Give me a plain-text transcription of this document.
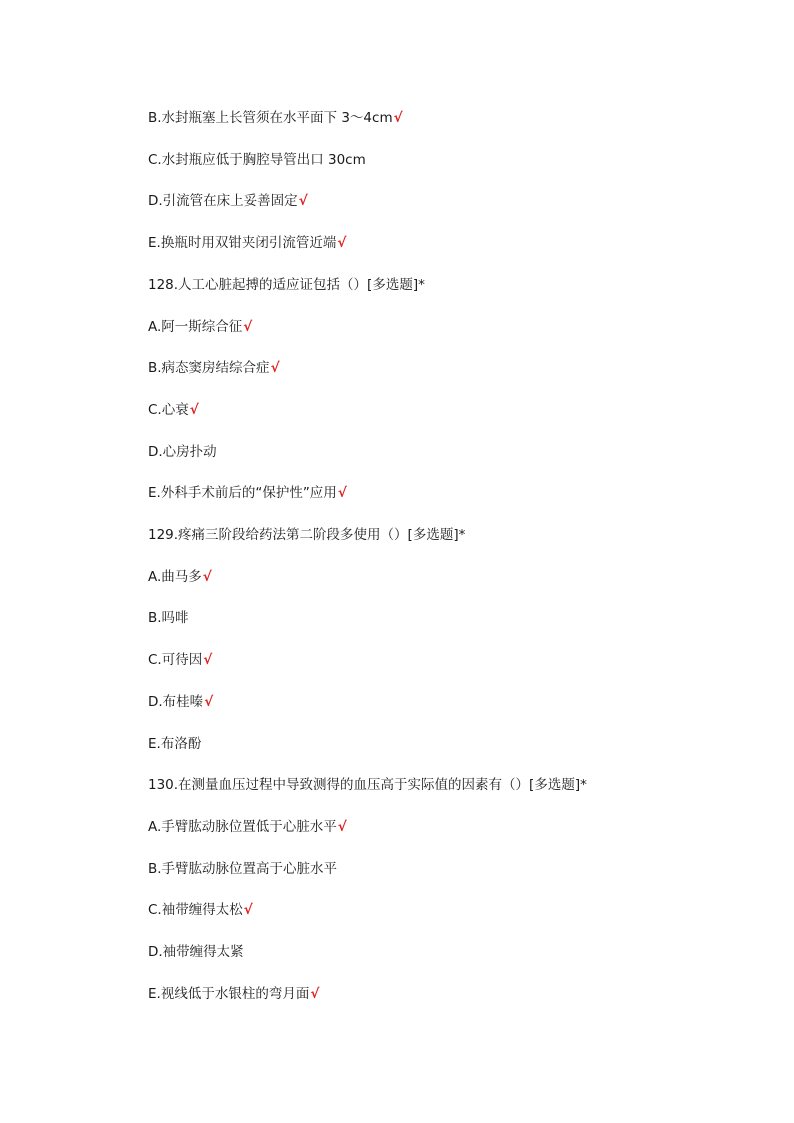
B.水封瓶塞上长管须在水平面下 3～4cm√
C.水封瓶应低于胸腔导管出口 30cm
D.引流管在床上妥善固定√
E.换瓶时用双钳夹闭引流管近端√
128.人工心脏起搏的适应证包括（）[多选题]*
A.阿一斯综合征√
B.病态窦房结综合症√
C.心衰√
D.心房扑动
E.外科手术前后的“保护性”应用√
129.疼痛三阶段给药法第二阶段多使用（）[多选题]*
A.曲马多√
B.吗啡
C.可待因√
D.布桂嗪√
E.布洛酚
130.在测量血压过程中导致测得的血压高于实际值的因素有（）[多选题]*
A.手臂肱动脉位置低于心脏水平√
B.手臂肱动脉位置高于心脏水平
C.袖带缠得太松√
D.袖带缠得太紧
E.视线低于水银柱的弯月面√
